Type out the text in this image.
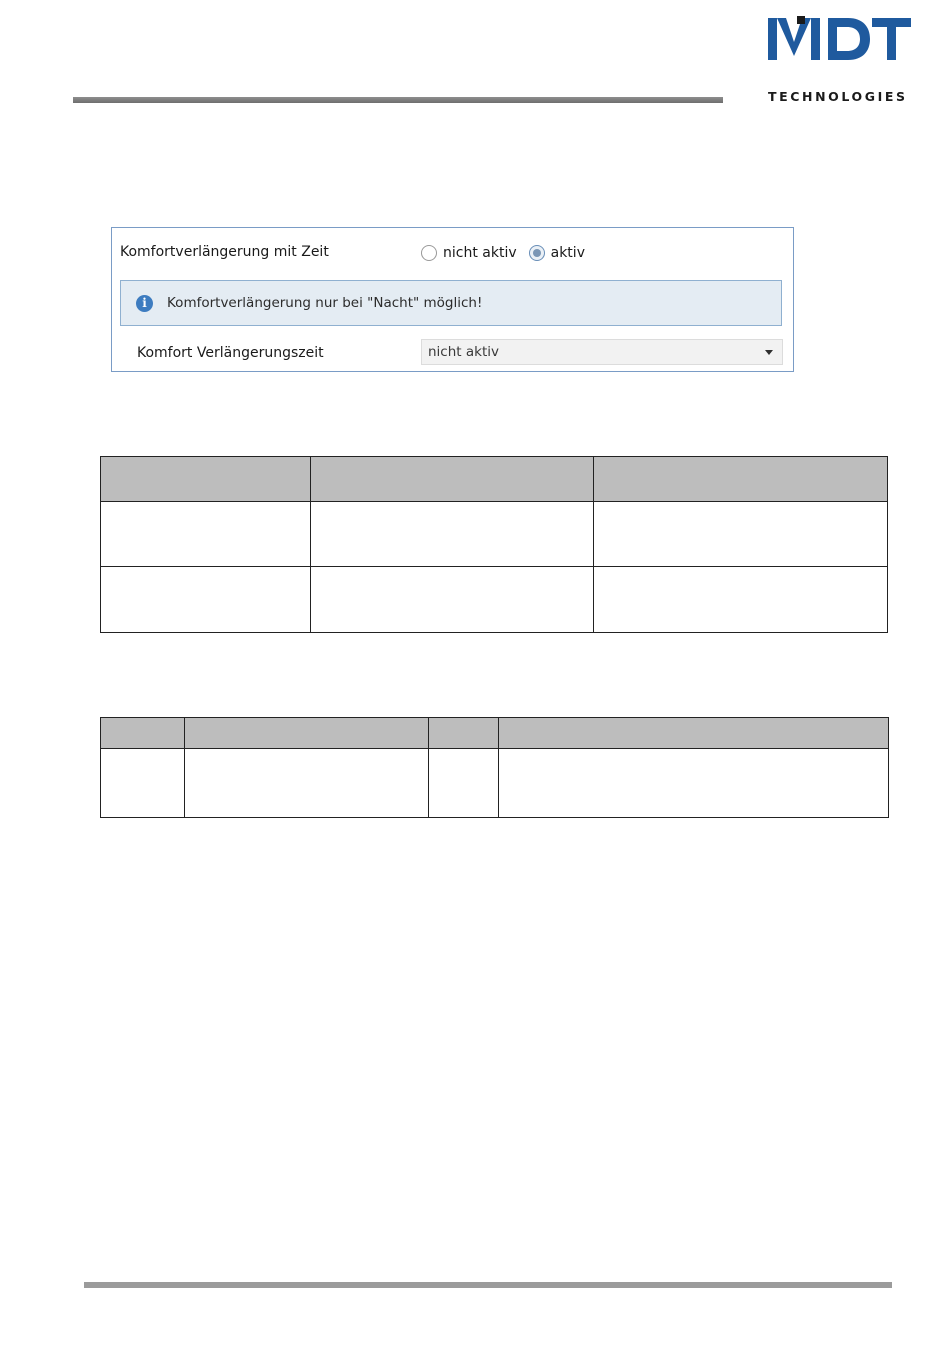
TECHNOLOGIES
Komfortverlängerung mit Zeit	nicht aktiv aktiv
i	Komfortverlängerung nur bei "Nacht" möglich!
Komfort Verlängerungszeit	nicht aktiv
